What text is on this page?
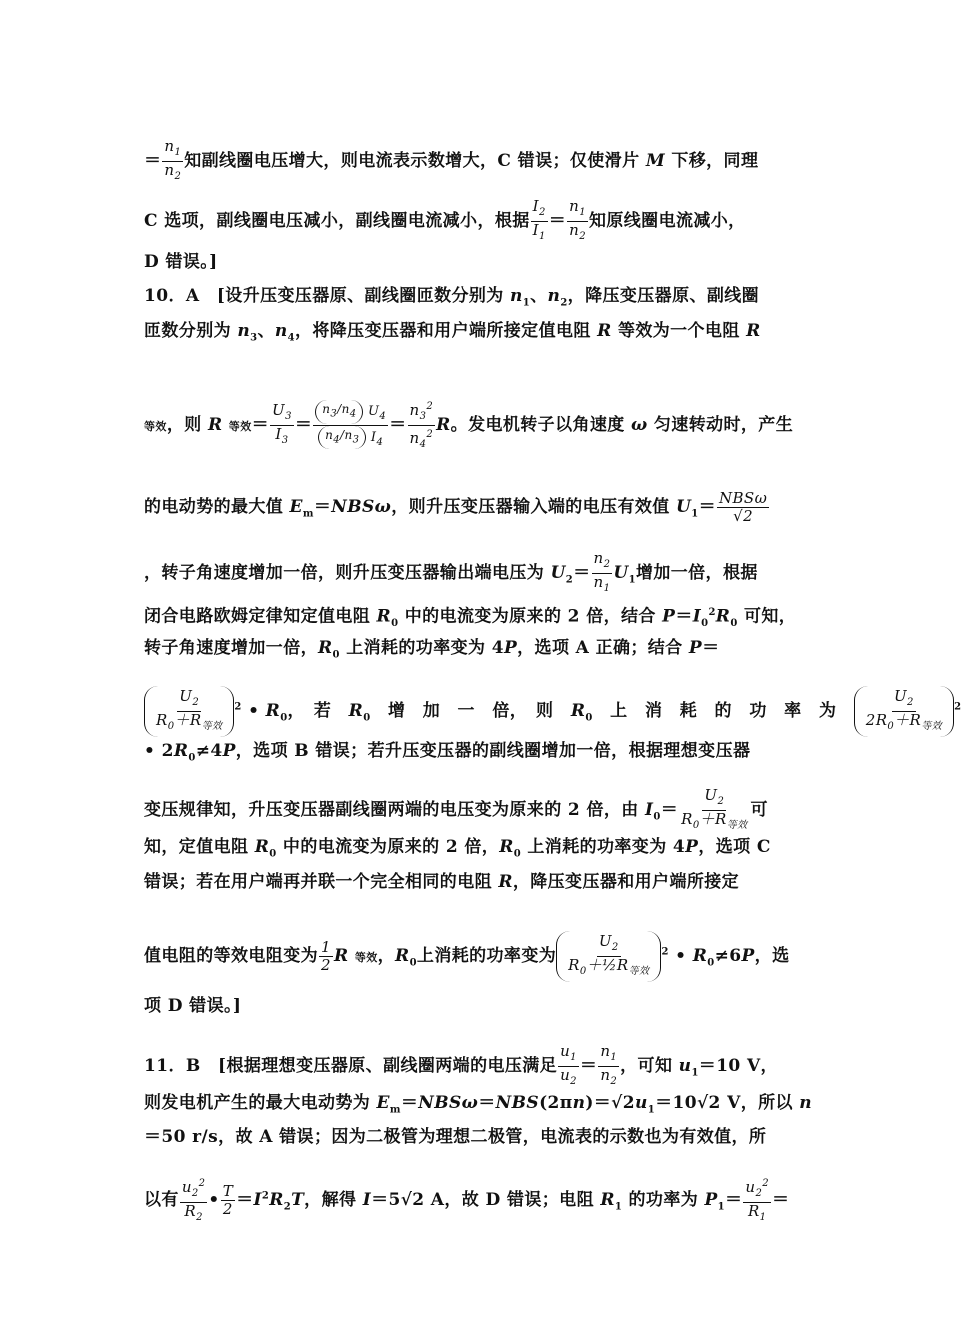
＝ $\frac{n_1}{n_2}$ 知副线圈电压增大，则电流表示数增大，C 错误；仅使滑片 M 下移，同理
C 选项，副线圈电压减小，副线圈电流减小，根据 $\frac{I_2}{I_1} = \frac{n_1}{n_2}$ 知原线圈电流减小，
D 错误。]
10．A　[设升压变压器原、副线圈匝数分别为 $n_1$、$n_2$，降压变压器原、副线圈
匝数分别为 $n_3$、$n_4$，将降压变压器和用户端所接定值电阻 R 等效为一个电阻 R
等效，则 R 等效＝ $\frac{U_3}{I_3} = \frac{n_3/n_4 U_4}{n_4/n_3 I_4} = \frac{n_3^2}{n_4^2}$ R。发电机转子以角速度 ω 匀速转动时，产生
的电动势的最大值 $E_m=NBS\omega$，则升压变压器输入端的电压有效值 $U_1= \frac{\text{NBSω}}{√2}$
，转子角速度增加一倍，则升压变压器输出端电压为 $U_2= \frac{n_2}{n_1} U_1$增加一倍，根据
闭合电路欧姆定律知定值电阻 $R_0$ 中的电流变为原来的 2 倍，结合 $P=I_0^2R_0$ 可知，
转子角速度增加一倍，$R_0$ 上消耗的功率变为 4P，选项 A 正确；结合 P＝
$\frac{U_2}{R_0+R_{等效}} ^2$ • $R_0$，　若　$R_0$　增　加　一　倍，　则　$R_0$　上　消　耗　的　功　率　为　 $\frac{U_2}{2R_0+R_{等效}} ^2$
• $2R_0\ne 4P$，选项 B 错误；若升压变压器的副线圈增加一倍，根据理想变压器
变压规律知，升压变压器副线圈两端的电压变为原来的 2 倍，由 $I_0= \frac{U_2}{R_0+R_{等效}}$ 可
知，定值电阻 $R_0$ 中的电流变为原来的 2 倍，$R_0$ 上消耗的功率变为 4P，选项 C
错误；若在用户端再并联一个完全相同的电阻 R，降压变压器和用户端所接定
值电阻的等效电阻变为 $\frac{1}{2}$ R 等效，$R_0$上消耗的功率变为 $\frac{U_2}{R_0+\frac{1}{2}R_{等效}} ^2$ • $R_0\ne 6P$，选
项 D 错误。]
11．B　[根据理想变压器原、副线圈两端的电压满足 $\frac{u_1}{u_2} = \frac{n_1}{n_2}$ ，可知 $u_1=10$ V，
则发电机产生的最大电动势为 $E_m=NBS\omega=NBS(2\pi n)=√2u_1=10√2$ V，所以 n
＝50 r/s，故 A 错误；因为二极管为理想二极管，电流表的示数也为有效值，所
以有 $\frac{u_2^2}{R_2}$ • $\frac{T}{2} =I^2R_2T$，解得 I＝5√2 A，故 D 错误；电阻 $R_1$ 的功率为 $P_1= \frac{u_2^2}{R_1}$ ＝
